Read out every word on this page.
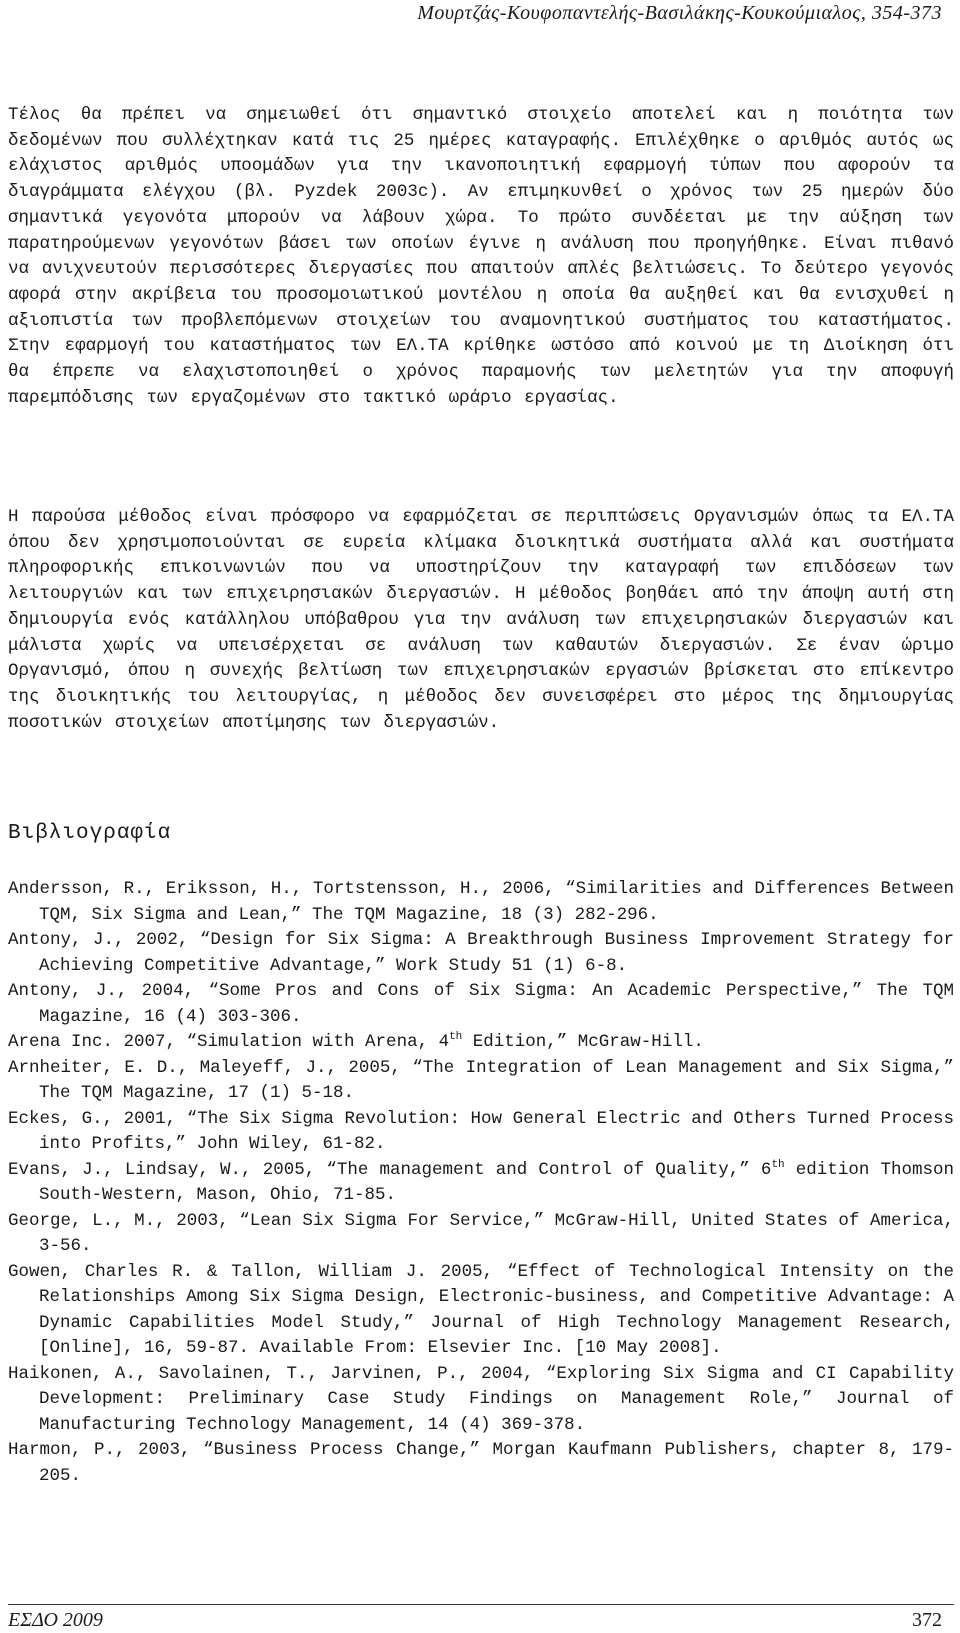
Μουρτζάς-Κουφοπαντελής-Βασιλάκης-Κουκούμιαλος, 354-373

Τέλος θα πρέπει να σημειωθεί ότι σημαντικό στοιχείο αποτελεί και η ποιότητα των δεδομένων που συλλέχτηκαν κατά τις 25 ημέρες καταγραφής. Επιλέχθηκε ο αριθμός αυτός ως ελάχιστος αριθμός υποομάδων για την ικανοποιητική εφαρμογή τύπων που αφορούν τα διαγράμματα ελέγχου (βλ. Pyzdek 2003c). Αν επιμηκυνθεί ο χρόνος των 25 ημερών δύο σημαντικά γεγονότα μπορούν να λάβουν χώρα. Το πρώτο συνδέεται με την αύξηση των παρατηρούμενων γεγονότων βάσει των οποίων έγινε η ανάλυση που προηγήθηκε. Είναι πιθανό να ανιχνευτούν περισσότερες διεργασίες που απαιτούν απλές βελτιώσεις. Το δεύτερο γεγονός αφορά στην ακρίβεια του προσομοιωτικού μοντέλου η οποία θα αυξηθεί και θα ενισχυθεί η αξιοπιστία των προβλεπόμενων στοιχείων του αναμονητικού συστήματος του καταστήματος. Στην εφαρμογή του καταστήματος των ΕΛ.ΤΑ κρίθηκε ωστόσο από κοινού με τη Διοίκηση ότι θα έπρεπε να ελαχιστοποιηθεί ο χρόνος παραμονής των μελετητών για την αποφυγή παρεμπόδισης των εργαζομένων στο τακτικό ωράριο εργασίας.

Η παρούσα μέθοδος είναι πρόσφορο να εφαρμόζεται σε περιπτώσεις Οργανισμών όπως τα ΕΛ.ΤΑ όπου δεν χρησιμοποιούνται σε ευρεία κλίμακα διοικητικά συστήματα αλλά και συστήματα πληροφορικής επικοινωνιών που να υποστηρίζουν την καταγραφή των επιδόσεων των λειτουργιών και των επιχειρησιακών διεργασιών. Η μέθοδος βοηθάει από την άποψη αυτή στη δημιουργία ενός κατάλληλου υπόβαθρου για την ανάλυση των επιχειρησιακών διεργασιών και μάλιστα χωρίς να υπεισέρχεται σε ανάλυση των καθαυτών διεργασιών. Σε έναν ώριμο Οργανισμό, όπου η συνεχής βελτίωση των επιχειρησιακών εργασιών βρίσκεται στο επίκεντρο της διοικητικής του λειτουργίας, η μέθοδος δεν συνεισφέρει στο μέρος της δημιουργίας ποσοτικών στοιχείων αποτίμησης των διεργασιών.

Βιβλιογραφία
Andersson, R., Eriksson, H., Tortstensson, H., 2006, “Similarities and Differences Between TQM, Six Sigma and Lean,” The TQM Magazine, 18 (3) 282-296.
Antony, J., 2002, “Design for Six Sigma: A Breakthrough Business Improvement Strategy for Achieving Competitive Advantage,” Work Study 51 (1) 6-8.
Antony, J., 2004, “Some Pros and Cons of Six Sigma: An Academic Perspective,” The TQM Magazine, 16 (4) 303-306.
Arena Inc. 2007, “Simulation with Arena, 4th Edition,” McGraw-Hill.
Arnheiter, E. D., Maleyeff, J., 2005, “The Integration of Lean Management and Six Sigma,” The TQM Magazine, 17 (1) 5-18.
Eckes, G., 2001, “The Six Sigma Revolution: How General Electric and Others Turned Process into Profits,” John Wiley, 61-82.
Evans, J., Lindsay, W., 2005, “The management and Control of Quality,” 6th edition Thomson South-Western, Mason, Ohio, 71-85.
George, L., M., 2003, “Lean Six Sigma For Service,” McGraw-Hill, United States of America, 3-56.
Gowen, Charles R. & Tallon, William J. 2005, “Effect of Technological Intensity on the Relationships Among Six Sigma Design, Electronic-business, and Competitive Advantage: A Dynamic Capabilities Model Study,” Journal of High Technology Management Research, [Online], 16, 59-87. Available From: Elsevier Inc. [10 May 2008].
Haikonen, A., Savolainen, T., Jarvinen, P., 2004, “Exploring Six Sigma and CI Capability Development: Preliminary Case Study Findings on Management Role,” Journal of Manufacturing Technology Management, 14 (4) 369-378.
Harmon, P., 2003, “Business Process Change,” Morgan Kaufmann Publishers, chapter 8, 179-205.
ΕΣΔΟ 2009	372
